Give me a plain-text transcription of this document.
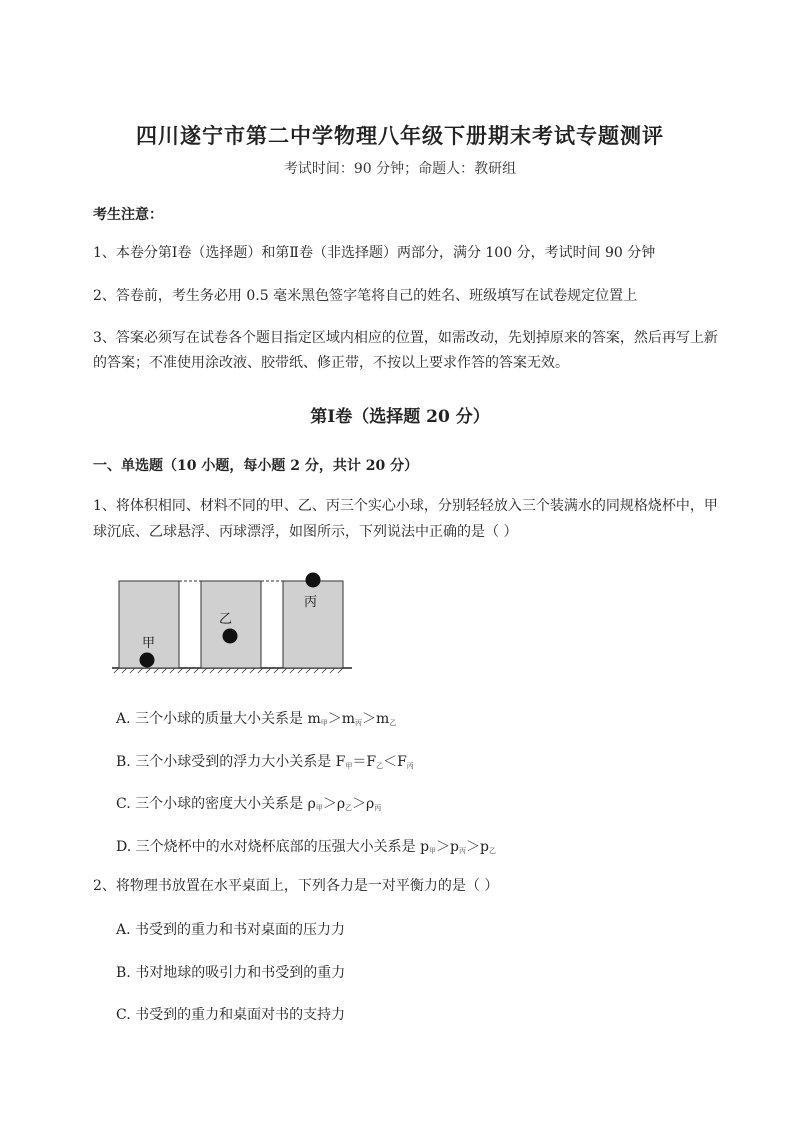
四川遂宁市第二中学物理八年级下册期末考试专题测评
考试时间：90 分钟；命题人：教研组
考生注意：
1、本卷分第Ⅰ卷（选择题）和第Ⅱ卷（非选择题）两部分，满分 100 分，考试时间 90 分钟
2、答卷前，考生务必用 0.5 毫米黑色签字笔将自己的姓名、班级填写在试卷规定位置上
3、答案必须写在试卷各个题目指定区域内相应的位置，如需改动，先划掉原来的答案，然后再写上新
的答案；不准使用涂改液、胶带纸、修正带，不按以上要求作答的答案无效。
第Ⅰ卷（选择题 20 分）
一、单选题（10 小题，每小题 2 分，共计 20 分）
1、将体积相同、材料不同的甲、乙、丙三个实心小球，分别轻轻放入三个装满水的同规格烧杯中，甲
球沉底、乙球悬浮、丙球漂浮，如图所示，下列说法中正确的是（ ）
甲
乙
丙
A. 三个小球的质量大小关系是 $m_甲>m_丙>m_乙$
B. 三个小球受到的浮力大小关系是 $F_甲=F_乙<F_丙$
C. 三个小球的密度大小关系是 $\rho_甲>\rho_乙>\rho_丙$
D. 三个烧杯中的水对烧杯底部的压强大小关系是 $p_甲>p_丙>p_乙$
2、将物理书放置在水平桌面上，下列各力是一对平衡力的是（ ）
A. 书受到的重力和书对桌面的压力力
B. 书对地球的吸引力和书受到的重力
C. 书受到的重力和桌面对书的支持力
